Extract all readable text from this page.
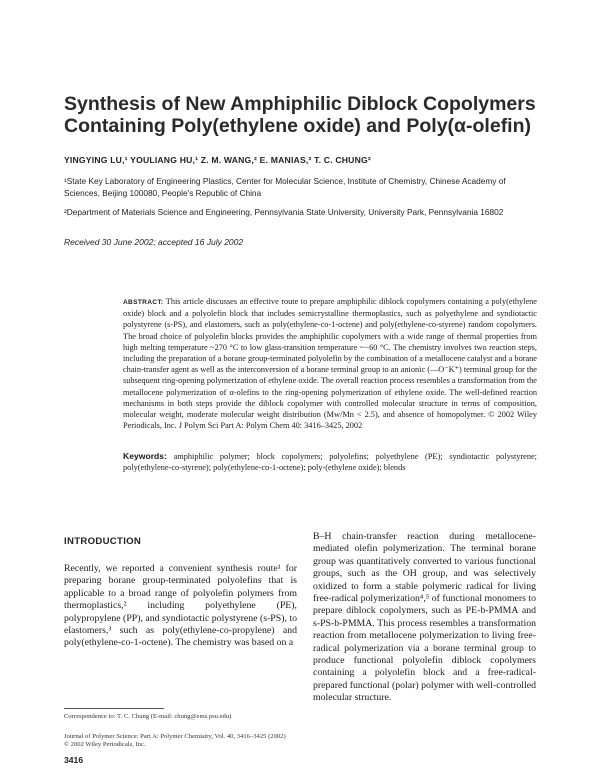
Synthesis of New Amphiphilic Diblock Copolymers
Containing Poly(ethylene oxide) and Poly(α-olefin)
YINGYING LU,¹ YOULIANG HU,¹ Z. M. WANG,² E. MANIAS,² T. C. CHUNG²
¹State Key Laboratory of Engineering Plastics, Center for Molecular Science, Institute of Chemistry, Chinese Academy of Sciences, Beijing 100080, People's Republic of China
²Department of Materials Science and Engineering, Pennsylvania State University, University Park, Pennsylvania 16802
Received 30 June 2002; accepted 16 July 2002
ABSTRACT: This article discusses an effective route to prepare amphiphilic diblock copolymers containing a poly(ethylene oxide) block and a polyolefin block that includes semicrystalline thermoplastics, such as polyethylene and syndiotactic polystyrene (s-PS), and elastomers, such as poly(ethylene-co-1-octene) and poly(ethylene-co-styrene) random copolymers. The broad choice of polyolefin blocks provides the amphiphilic copolymers with a wide range of thermal properties from high melting temperature ~270 °C to low glass-transition temperature ~−60 °C. The chemistry involves two reaction steps, including the preparation of a borane group-terminated polyolefin by the combination of a metallocene catalyst and a borane chain-transfer agent as well as the interconversion of a borane terminal group to an anionic (—O⁻K⁺) terminal group for the subsequent ring-opening polymerization of ethylene oxide. The overall reaction process resembles a transformation from the metallocene polymerization of α-olefins to the ring-opening polymerization of ethylene oxide. The well-defined reaction mechanisms in both steps provide the diblock copolymer with controlled molecular structure in terms of composition, molecular weight, moderate molecular weight distribution (Mw/Mn < 2.5), and absence of homopolymer. © 2002 Wiley Periodicals, Inc. J Polym Sci Part A: Polym Chem 40: 3416–3425, 2002
Keywords: amphiphilic polymer; block copolymers; polyolefins; polyethylene (PE); syndiotactic polystyrene; poly(ethylene-co-styrene); poly(ethylene-co-1-octene); poly-(ethylene oxide); blends
INTRODUCTION
Recently, we reported a convenient synthesis route¹ for preparing borane group-terminated polyolefins that is applicable to a broad range of polyolefin polymers from thermoplastics,² including polyethylene (PE), polypropylene (PP), and syndiotactic polystyrene (s-PS), to elastomers,³ such as poly(ethylene-co-propylene) and poly(ethylene-co-1-octene). The chemistry was based on a
B–H chain-transfer reaction during metallocene-mediated olefin polymerization. The terminal borane group was quantitatively converted to various functional groups, such as the OH group, and was selectively oxidized to form a stable polymeric radical for living free-radical polymerization⁴,⁵ of functional monomers to prepare diblock copolymers, such as PE-b-PMMA and s-PS-b-PMMA. This process resembles a transformation reaction from metallocene polymerization to living free-radical polymerization via a borane terminal group to produce functional polyolefin diblock copolymers containing a polyolefin block and a free-radical-prepared functional (polar) polymer with well-controlled molecular structure.
Correspondence to: T. C. Chung (E-mail: chung@ems.psu.edu)
Journal of Polymer Science: Part A: Polymer Chemistry, Vol. 40, 3416–3425 (2002)
© 2002 Wiley Periodicals, Inc.
3416
